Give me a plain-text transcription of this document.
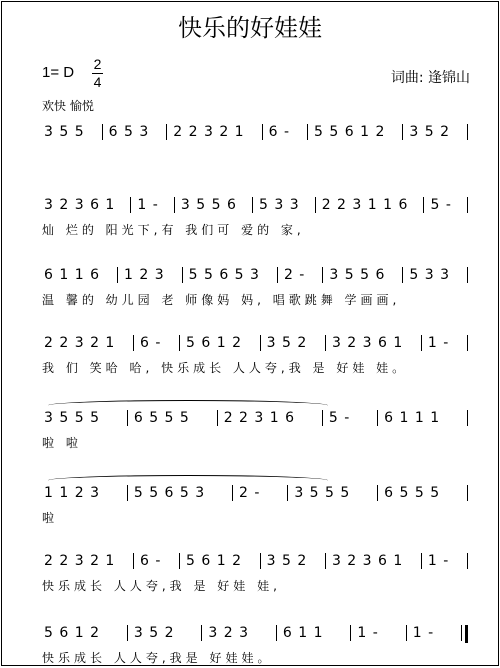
快乐的好娃娃
1= D 2
4	词曲: 逢锦山
欢快 愉悦
3 5 5	6 5 3	2 2 3 2 1	6 -	5 5 6 1 2	3 5 2
3 2 3 6 1	1 -	3 5 5 6	5 3 3	2 2 3 1 1 6	5 -
灿 烂的 阳光下,有 我们可 爱的 家,
6 1 1 6	1 2 3	5 5 6 5 3	2 -	3 5 5 6	5 3 3
温 馨的 幼儿园 老 师像妈 妈, 唱歌跳舞 学画画,
2 2 3 2 1	6 -	5 6 1 2	3 5 2	3 2 3 6 1	1 -
我 们 笑哈 哈, 快乐成长 人人夸,我 是 好娃 娃。
3 5 5 5	6 5 5 5	2 2 3 1 6	5 -	6 1 1 1
啦 啦
1 1 2 3	5 5 6 5 3	2 -	3 5 5 5	6 5 5 5
啦
2 2 3 2 1	6 -	5 6 1 2	3 5 2	3 2 3 6 1	1 -
快乐成长 人人夸,我 是 好娃 娃,
5 6 1 2	3 5 2	3 2 3	6 1 1	1 -	1 -
快乐成长 人人夸,我是 好娃娃。
